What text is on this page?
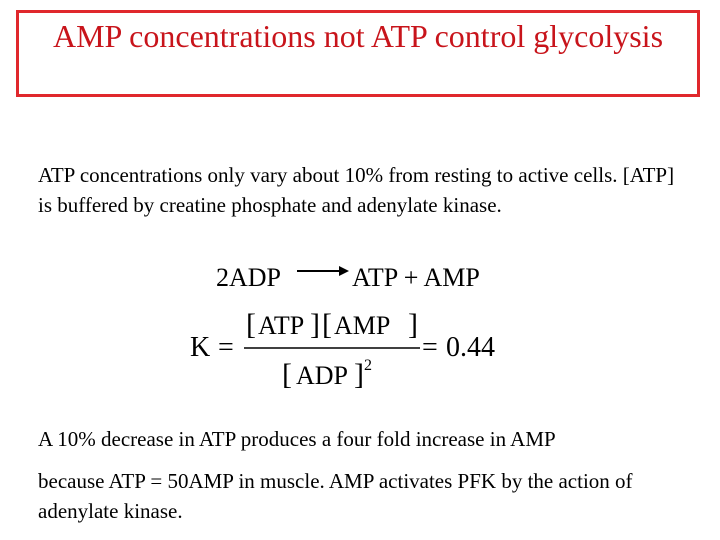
AMP concentrations not ATP control glycolysis
ATP concentrations only vary about 10% from resting to active cells. [ATP] is buffered by creatine phosphate and adenylate kinase.
2ADP → ATP + AMP
K =
[ ATP ] [ AMP ]
[ ADP ] 2
= 0.44
A 10% decrease in ATP produces a four fold increase in AMP
because ATP = 50AMP in muscle. AMP activates PFK by the action of adenylate kinase.
